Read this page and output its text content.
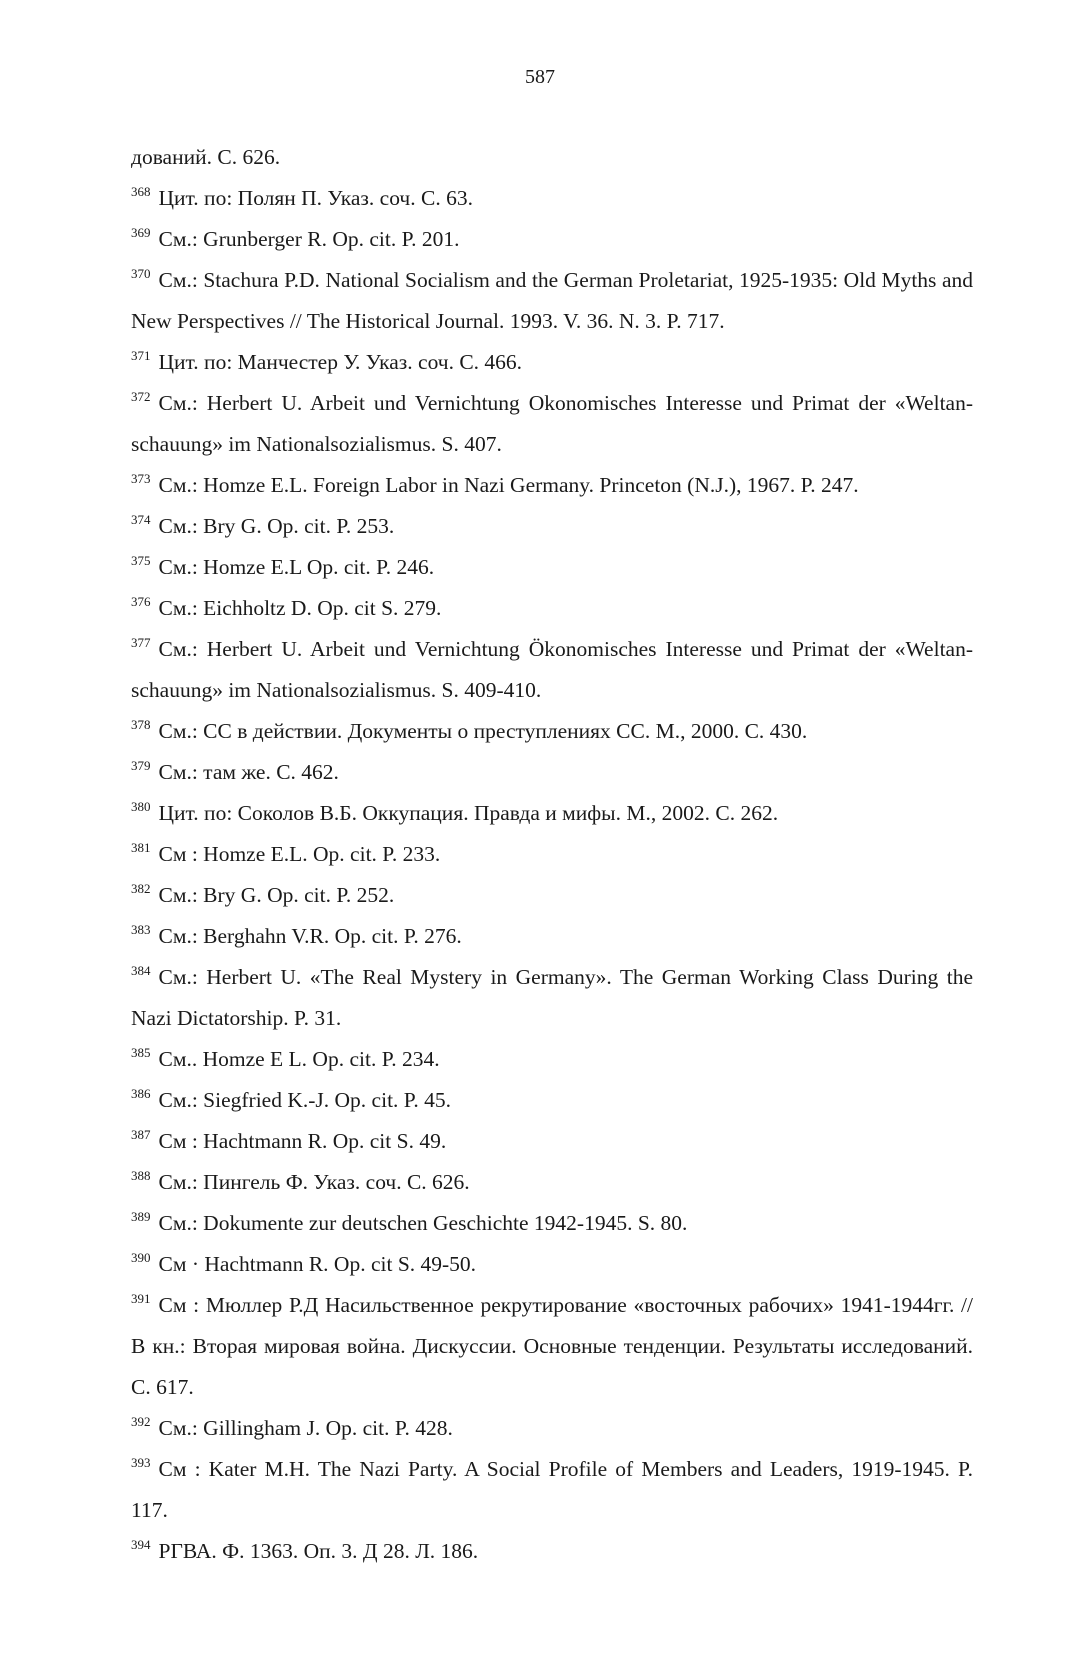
587

дований. С. 626.

$^{368}$ Цит. по: Полян П. Указ. соч. С. 63.

$^{369}$ См.: Grunberger R. Op. cit. P. 201.

$^{370}$ См.: Stachura P.D. National Socialism and the German Proletariat, 1925-1935: Old Myths and New Perspectives // The Historical Journal. 1993. V. 36. N. 3. P. 717.

$^{371}$ Цит. по: Манчестер У. Указ. соч. С. 466.

$^{372}$ См.: Herbert U. Arbeit und Vernichtung Okonomisches Interesse und Primat der «Weltan-schauung» im Nationalsozialismus. S. 407.

$^{373}$ См.: Homze E.L. Foreign Labor in Nazi Germany. Princeton (N.J.), 1967. P. 247.

$^{374}$ См.: Bry G. Op. cit. P. 253.

$^{375}$ См.: Homze E.L Op. cit. P. 246.

$^{376}$ См.: Eichholtz D. Op. cit S. 279.

$^{377}$ См.: Herbert U. Arbeit und Vernichtung Ökonomisches Interesse und Primat der «Weltan-schauung» im Nationalsozialismus. S. 409-410.

$^{378}$ См.: СС в действии. Документы о преступлениях СС. М., 2000. С. 430.

$^{379}$ См.: там же. С. 462.

$^{380}$ Цит. по: Соколов В.Б. Оккупация. Правда и мифы. М., 2002. С. 262.

$^{381}$ См : Homze E.L. Op. cit. P. 233.

$^{382}$ См.: Bry G. Op. cit. P. 252.

$^{383}$ См.: Berghahn V.R. Op. cit. P. 276.

$^{384}$ См.: Herbert U. «The Real Mystery in Germany». The German Working Class During the Nazi Dictatorship. P. 31.

$^{385}$ См.. Homze E L. Op. cit. P. 234.

$^{386}$ См.: Siegfried K.-J. Op. cit. P. 45.

$^{387}$ См : Hachtmann R. Op. cit S. 49.

$^{388}$ См.: Пингель Ф. Указ. соч. С. 626.

$^{389}$ См.: Dokumente zur deutschen Geschichte 1942-1945. S. 80.

$^{390}$ См · Hachtmann R. Op. cit S. 49-50.

$^{391}$ См : Мюллер Р.Д Насильственное рекрутирование «восточных рабочих» 1941-1944гг. //В кн.: Вторая мировая война. Дискуссии. Основные тенденции. Результаты исследований. С. 617.

$^{392}$ См.: Gillingham J. Op. cit. P. 428.

$^{393}$ См : Kater M.H. The Nazi Party. A Social Profile of Members and Leaders, 1919-1945. P. 117.

$^{394}$ РГВА. Ф. 1363. Оп. 3. Д 28. Л. 186.
